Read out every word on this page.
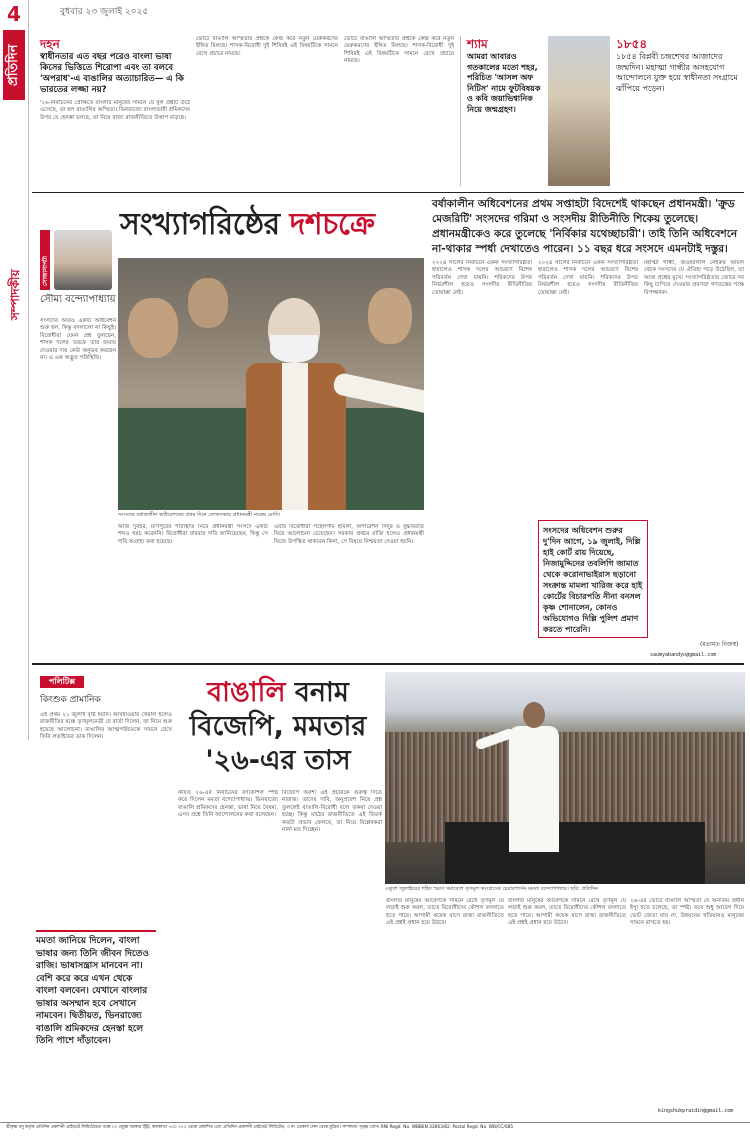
4
প্রতিদিন
সম্পাদকীয়
বুধবার ২৩ জুলাই ২০২৫
দহন
স্বাধীনতার এত বছর পরেও বাংলা ভাষা কিসের ভিত্তিতে শিরোপা এবং তা বলবে 'অপরাধ'-এ বাঙালির অত্যাচারিত— এ কি ভারতের লজ্জা নয়?
'২৬-নির্বাচনের প্রেক্ষিতে বাংলার মানুষের সামনে যে মূল প্রশ্নটি উঠে এসেছে, তা হল বাঙালির অস্মিতা। ভিনরাজ্যে বাংলাভাষী শ্রমিকদের উপর যে হেনস্তা চলছে, তা নিয়ে রাজ্য রাজনীতিতে উত্তাপ বাড়ছে।
ভোটে বাঙালি অস্মিতার প্রশ্নকে কেন্দ্র করে নতুন মেরুকরণের ইঙ্গিত মিলছে। শাসক-বিরোধী দুই শিবিরই এই বিষয়টিকে সামনে রেখে প্রচারে নামছে।
ভোটে বাঙালি অস্মিতার প্রশ্নকে কেন্দ্র করে নতুন মেরুকরণের ইঙ্গিত মিলছে। শাসক-বিরোধী দুই শিবিরই এই বিষয়টিকে সামনে রেখে প্রচারে নামছে।
শ্যাম
আমরা আবারও গতকালের মতো শহর, পরিচিত 'আসল অফ নিটিস' নামে ফুটবিষয়ক ও কবি জয়াভিশ্বানিক নিয়ে জন্মগ্রহণ।
১৮৫৪
১৮৫৪ বিপ্লবী চন্দ্রশেখর আজাদের জন্মদিন। মহাত্মা গান্ধীর অসহযোগ আন্দোলনে যুক্ত হয়ে স্বাধীনতা সংগ্রামে ঝাঁপিয়ে পড়েন।
সংখ্যাগরিষ্ঠের দশচক্রে
বর্ষাকালীন অধিবেশনের প্রথম সপ্তাহটা বিদেশেই থাকছেন প্রধানমন্ত্রী। 'ক্রুড মেজরিটি' সংসদের গরিমা ও সংসদীয় রীতিনীতি শিকেয় তুলেছে। প্রধানমন্ত্রীকেও করে তুলেছে 'নির্বিকার যথেচ্ছাচারী'। তাই তিনি অধিবেশনে না-থাকার স্পর্ধা দেখাতেও পারেন। ১১ বছর ধরে সংসদে এমনটাই দস্তুর।
সোজাসাপটা
সৌম্য বন্দ্যোপাধ্যায়
সংসদের বর্ষাকালীন অধিবেশনের প্রথম দিনে লোকসভায় প্রধানমন্ত্রী নরেন্দ্র মোদি।
সংসদের আরও একটি অধিবেশন শুরু হল, কিন্তু বদলালো না কিছুই। বিরোধীরা যেমন প্রশ্ন তুলছেন, শাসক দলের তরফে তার জবাব দেওয়ার দায় কেউ অনুভব করছেন না। এ এক অদ্ভুত পরিস্থিতি।
আজ দুবছর, মণিপুরের পরিস্থিতি নিয়ে প্রধানমন্ত্রী সংসদে একটি শব্দও খরচ করেননি। বিরোধীরা বারবার দাবি জানিয়েছেন, কিন্তু সে দাবি অগ্রাহ্য করা হয়েছে।
এবার বিরোধীরা পহেলগাম হামলা, অপারেশন সিঁদুর ও যুদ্ধবিরতি নিয়ে আলোচনা চেয়েছেন। সরকার প্রথমে রাজি হলেও প্রধানমন্ত্রী নিজে উপস্থিত থাকবেন কিনা, সে বিষয়ে নিশ্চয়তা দেওয়া হয়নি।
২০২৪ সালের নির্বাচনে একক সংখ্যাগরিষ্ঠতা হারালেও শাসক দলের আচরণে বিশেষ পরিবর্তন দেখা যায়নি। শরিকদের উপর নির্ভরশীল হয়েও সংসদীয় রীতিনীতির তোয়াক্কা নেই।
২০২৪ সালের নির্বাচনে একক সংখ্যাগরিষ্ঠতা হারালেও শাসক দলের আচরণে বিশেষ পরিবর্তন দেখা যায়নি। শরিকদের উপর নির্ভরশীল হয়েও সংসদীয় রীতিনীতির তোয়াক্কা নেই।
মহাত্মা গান্ধী, জওহরলাল নেহরুর আমল থেকে সংসদের যে ঐতিহ্য গড়ে উঠেছিল, তা আজ প্রশ্নের মুখে। সংখ্যাগরিষ্ঠতার জোরে সব কিছু চাপিয়ে দেওয়ার প্রবণতা গণতন্ত্রের পক্ষে বিপজ্জনক।
সংসদের অধিবেশন শুরুর দু'দিন আগে, ১৯ জুলাই, দিল্লি হাই কোর্ট রায় দিয়েছে, নিজামুদ্দিনের তবলিগি জামাত থেকে করোনাভাইরাস ছড়ানো সংক্রান্ত মামলা খারিজ করে হাই কোর্টের বিচারপতি নীনা বনসল কৃষ্ণ শোনালেন, কোনও অভিযোগও দিল্লি পুলিশ প্রমাণ করতে পারেনি।
(মতামত নিজস্ব)
saumyabandyo@gmail.com
পলিটিক্স
কিংশুক প্রামানিক	বাঙালি বনাম
বিজেপি, মমতার
'২৬-এর তাস
একুশে জুলাইয়ের শহিদ স্মরণ সমাবেশে তৃণমূল কংগ্রেসের চেয়ারপার্সন মমতা বন্দ্যোপাধ্যায়। ছবি: প্রতিদিন
এই প্রথম ২১ জুলাই বৃষ্টি হয়নি। আবহাওয়ার খেয়াল হলেও রাজনীতির মঞ্চে তৃণমূলনেত্রী যে বার্তা দিলেন, তা নিয়ে শুরু হয়েছে আলোচনা। বাঙালির আত্মপরিচয়কে সামনে রেখে তিনি লড়াইয়ের ডাক দিলেন।
কার্যত ২৬-এর নির্বাচনের রণকৌশল স্পষ্ট করে দিলেন মমতা বন্দ্যোপাধ্যায়। ভিনরাজ্যে বাঙালি শ্রমিকদের হেনস্তা, ভাষা নিয়ে বৈষম্য, এসব প্রশ্নে তিনি আন্দোলনের কথা বলেছেন।
বিজেপি অবশ্য এই প্রচারকে গুরুত্ব দিতে নারাজ। তাদের দাবি, অনুপ্রবেশ নিয়ে প্রশ্ন তুললেই বাঙালি-বিরোধী বলে তকমা দেওয়া হচ্ছে। কিন্তু মাঠের রাজনীতিতে এই বিতর্ক কতটা প্রভাব ফেলবে, তা নিয়ে বিশ্লেষকরা নানা মত দিচ্ছেন।
বাংলার মানুষের আবেগকে সামনে রেখে তৃণমূল যে লড়াই শুরু করল, তাতে বিরোধীদের কৌশল বদলাতে হতে পারে। আগামী কয়েক মাসে রাজ্য রাজনীতিতে এই প্রশ্নই প্রধান হয়ে উঠবে।
বাংলার মানুষের আবেগকে সামনে রেখে তৃণমূল যে লড়াই শুরু করল, তাতে বিরোধীদের কৌশল বদলাতে হতে পারে। আগামী কয়েক মাসে রাজ্য রাজনীতিতে এই প্রশ্নই প্রধান হয়ে উঠবে।
২৬-এর ভোটে বাঙালি অস্মিতা যে অন্যতম প্রধান ইস্যু হতে চলেছে, তা স্পষ্ট। তবে শুধু আবেগ দিয়ে ভোট জেতা যায় না, উন্নয়নের খতিয়ানও মানুষের সামনে রাখতে হয়।
kingshukpraidin@gmail.com
মমতা জানিয়ে দিলেন, বাংলা ভাষার জন্য তিনি জীবন দিতেও রাজি। ভাষাসন্ত্রাস মানবেন না। বেশি করে করে এখন থেকে বাংলা বলবেন। যেখানে বাংলার ভাষার অসম্মান হবে সেখানে নামবেন। দ্বিতীয়ত, ভিনরাজ্যে বাঙালি শ্রমিকদের হেনস্তা হলে তিনি পাশে দাঁড়াবেন।
শ্রীকৃষ্ণ বসু কর্তৃক প্রতিদিন প্রকাশনী প্রাইভেট লিমিটেডের পক্ষে ২০ প্রফুল্ল সরকার স্ট্রিট, কলকাতা ৭০০ ০৭২ থেকে প্রকাশিত এবং প্রতিদিন প্রকাশনী প্রাইভেট লিমিটেড, ৩ নং ডেকার্স লেন থেকে মুদ্রিত। সম্পাদক: সৃঞ্জয় বোস। RNI Regd. No. WBBEN 33663/82. Postal Regd. No. WB/CC/085
